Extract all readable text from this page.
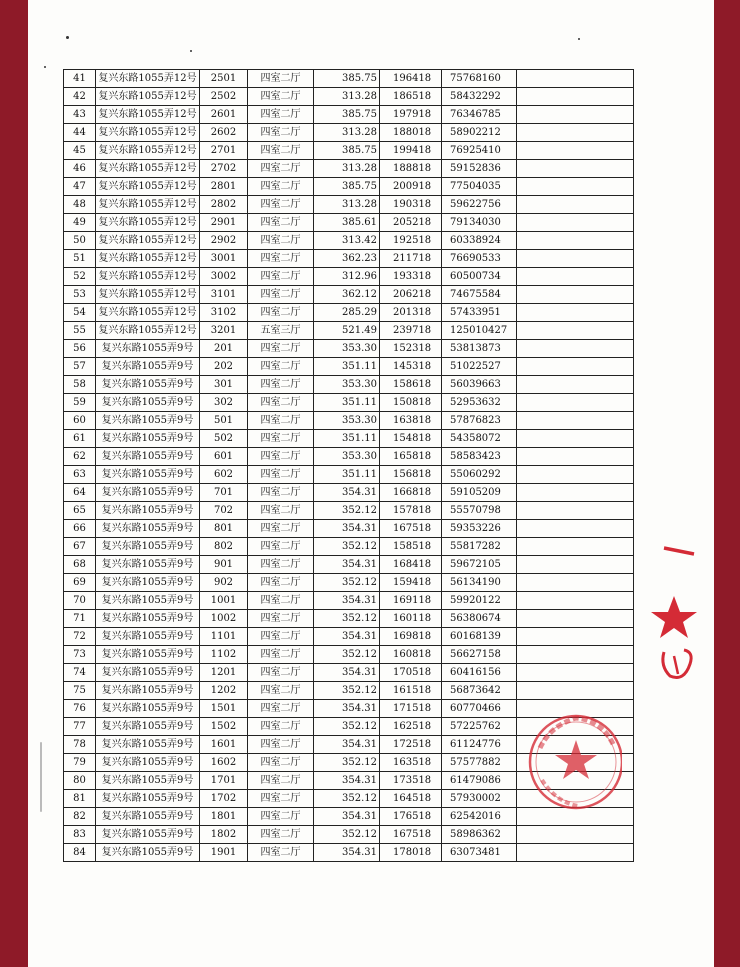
41	复兴东路1055弄12号	2501	四室二厅	385.75	196418	75768160	
42	复兴东路1055弄12号	2502	四室二厅	313.28	186518	58432292	
43	复兴东路1055弄12号	2601	四室二厅	385.75	197918	76346785	
44	复兴东路1055弄12号	2602	四室二厅	313.28	188018	58902212	
45	复兴东路1055弄12号	2701	四室二厅	385.75	199418	76925410	
46	复兴东路1055弄12号	2702	四室二厅	313.28	188818	59152836	
47	复兴东路1055弄12号	2801	四室二厅	385.75	200918	77504035	
48	复兴东路1055弄12号	2802	四室二厅	313.28	190318	59622756	
49	复兴东路1055弄12号	2901	四室二厅	385.61	205218	79134030	
50	复兴东路1055弄12号	2902	四室二厅	313.42	192518	60338924	
51	复兴东路1055弄12号	3001	四室二厅	362.23	211718	76690533	
52	复兴东路1055弄12号	3002	四室二厅	312.96	193318	60500734	
53	复兴东路1055弄12号	3101	四室二厅	362.12	206218	74675584	
54	复兴东路1055弄12号	3102	四室二厅	285.29	201318	57433951	
55	复兴东路1055弄12号	3201	五室三厅	521.49	239718	125010427	
56	复兴东路1055弄9号	201	四室二厅	353.30	152318	53813873	
57	复兴东路1055弄9号	202	四室二厅	351.11	145318	51022527	
58	复兴东路1055弄9号	301	四室二厅	353.30	158618	56039663	
59	复兴东路1055弄9号	302	四室二厅	351.11	150818	52953632	
60	复兴东路1055弄9号	501	四室二厅	353.30	163818	57876823	
61	复兴东路1055弄9号	502	四室二厅	351.11	154818	54358072	
62	复兴东路1055弄9号	601	四室二厅	353.30	165818	58583423	
63	复兴东路1055弄9号	602	四室二厅	351.11	156818	55060292	
64	复兴东路1055弄9号	701	四室二厅	354.31	166818	59105209	
65	复兴东路1055弄9号	702	四室二厅	352.12	157818	55570798	
66	复兴东路1055弄9号	801	四室二厅	354.31	167518	59353226	
67	复兴东路1055弄9号	802	四室二厅	352.12	158518	55817282	
68	复兴东路1055弄9号	901	四室二厅	354.31	168418	59672105	
69	复兴东路1055弄9号	902	四室二厅	352.12	159418	56134190	
70	复兴东路1055弄9号	1001	四室二厅	354.31	169118	59920122	
71	复兴东路1055弄9号	1002	四室二厅	352.12	160118	56380674	
72	复兴东路1055弄9号	1101	四室二厅	354.31	169818	60168139	
73	复兴东路1055弄9号	1102	四室二厅	352.12	160818	56627158	
74	复兴东路1055弄9号	1201	四室二厅	354.31	170518	60416156	
75	复兴东路1055弄9号	1202	四室二厅	352.12	161518	56873642	
76	复兴东路1055弄9号	1501	四室二厅	354.31	171518	60770466	
77	复兴东路1055弄9号	1502	四室二厅	352.12	162518	57225762	
78	复兴东路1055弄9号	1601	四室二厅	354.31	172518	61124776	
79	复兴东路1055弄9号	1602	四室二厅	352.12	163518	57577882	
80	复兴东路1055弄9号	1701	四室二厅	354.31	173518	61479086	
81	复兴东路1055弄9号	1702	四室二厅	352.12	164518	57930002	
82	复兴东路1055弄9号	1801	四室二厅	354.31	176518	62542016	
83	复兴东路1055弄9号	1802	四室二厅	352.12	167518	58986362	
84	复兴东路1055弄9号	1901	四室二厅	354.31	178018	63073481	
